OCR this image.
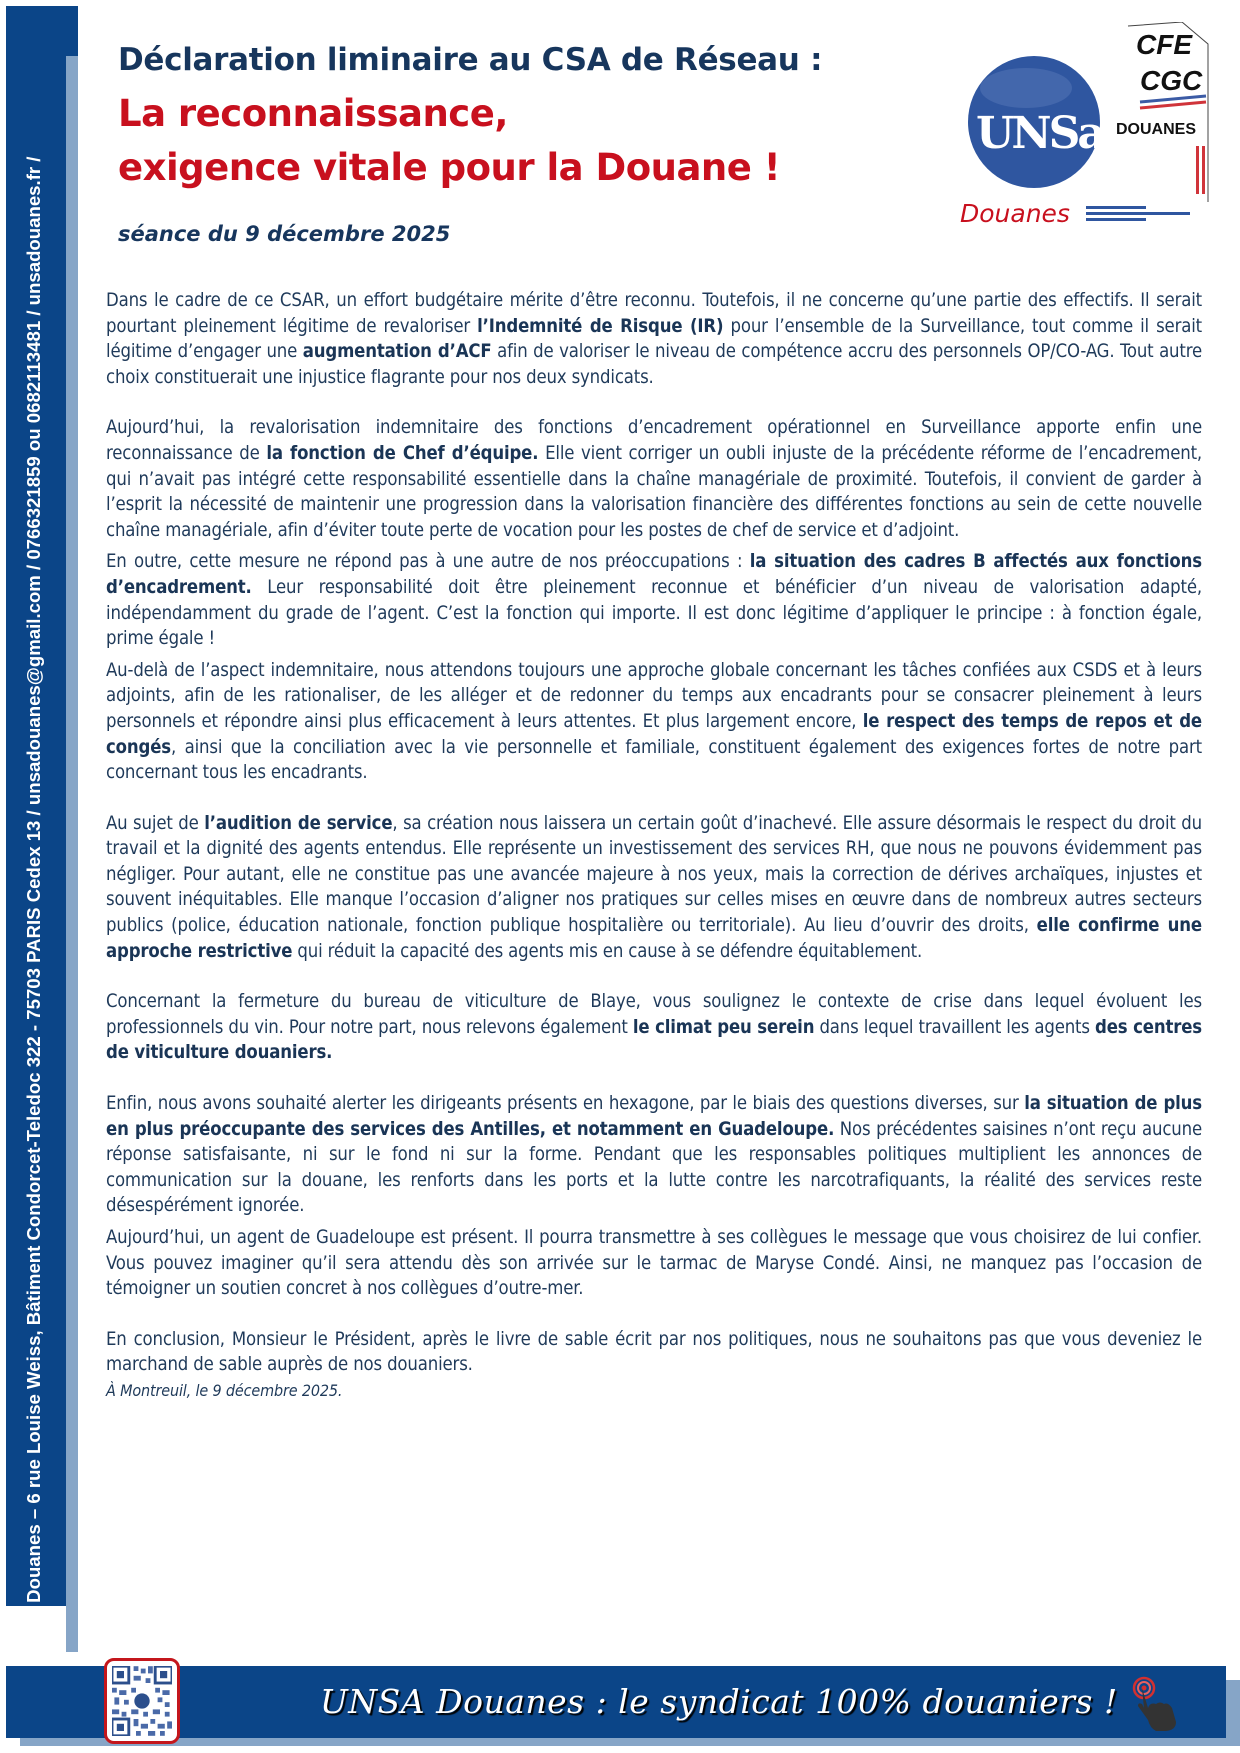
UNSA Douanes – 6 rue Louise Weiss, Bâtiment Condorcet-Teledoc 322 - 75703 PARIS Cedex 13 / unsadouanes@gmail.com / 0766321859 ou 0682113481 / unsadouanes.fr /
UNSA Douanes : le syndicat 100% douaniers !
Déclaration liminaire au CSA de Réseau :
La reconnaissance,
exigence vitale pour la Douane !
séance du 9 décembre 2025
CFE
CGC
UNSa DOUANES
Douanes

Dans le cadre de ce CSAR, un effort budgétaire mérite d’être reconnu. Toutefois, il ne concerne qu’une partie des effectifs. Il serait pourtant pleinement légitime de revaloriser l’Indemnité de Risque (IR) pour l’ensemble de la Surveillance, tout comme il serait légitime d’engager une augmentation d’ACF afin de valoriser le niveau de compétence accru des personnels OP/CO-AG. Tout autre choix constituerait une injustice flagrante pour nos deux syndicats.

Aujourd’hui, la revalorisation indemnitaire des fonctions d’encadrement opérationnel en Surveillance apporte enfin une reconnaissance de la fonction de Chef d’équipe. Elle vient corriger un oubli injuste de la précédente réforme de l’encadrement, qui n’avait pas intégré cette responsabilité essentielle dans la chaîne managériale de proximité. Toutefois, il convient de garder à l’esprit la nécessité de maintenir une progression dans la valorisation financière des différentes fonctions au sein de cette nouvelle chaîne managériale, afin d’éviter toute perte de vocation pour les postes de chef de service et d’adjoint.

En outre, cette mesure ne répond pas à une autre de nos préoccupations : la situation des cadres B affectés aux fonctions d’encadrement. Leur responsabilité doit être pleinement reconnue et bénéficier d’un niveau de valorisation adapté, indépendamment du grade de l’agent. C’est la fonction qui importe. Il est donc légitime d’appliquer le principe : à fonction égale, prime égale !

Au-delà de l’aspect indemnitaire, nous attendons toujours une approche globale concernant les tâches confiées aux CSDS et à leurs adjoints, afin de les rationaliser, de les alléger et de redonner du temps aux encadrants pour se consacrer pleinement à leurs personnels et répondre ainsi plus efficacement à leurs attentes. Et plus largement encore, le respect des temps de repos et de congés, ainsi que la conciliation avec la vie personnelle et familiale, constituent également des exigences fortes de notre part concernant tous les encadrants.

Au sujet de l’audition de service, sa création nous laissera un certain goût d’inachevé. Elle assure désormais le respect du droit du travail et la dignité des agents entendus. Elle représente un investissement des services RH, que nous ne pouvons évidemment pas négliger. Pour autant, elle ne constitue pas une avancée majeure à nos yeux, mais la correction de dérives archaïques, injustes et souvent inéquitables. Elle manque l’occasion d’aligner nos pratiques sur celles mises en œuvre dans de nombreux autres secteurs publics (police, éducation nationale, fonction publique hospitalière ou territoriale). Au lieu d’ouvrir des droits, elle confirme une approche restrictive qui réduit la capacité des agents mis en cause à se défendre équitablement.

Concernant la fermeture du bureau de viticulture de Blaye, vous soulignez le contexte de crise dans lequel évoluent les professionnels du vin. Pour notre part, nous relevons également le climat peu serein dans lequel travaillent les agents des centres de viticulture douaniers.

Enfin, nous avons souhaité alerter les dirigeants présents en hexagone, par le biais des questions diverses, sur la situation de plus en plus préoccupante des services des Antilles, et notamment en Guadeloupe. Nos précédentes saisines n’ont reçu aucune réponse satisfaisante, ni sur le fond ni sur la forme. Pendant que les responsables politiques multiplient les annonces de communication sur la douane, les renforts dans les ports et la lutte contre les narcotrafiquants, la réalité des services reste désespérément ignorée.

Aujourd’hui, un agent de Guadeloupe est présent. Il pourra transmettre à ses collègues le message que vous choisirez de lui confier. Vous pouvez imaginer qu’il sera attendu dès son arrivée sur le tarmac de Maryse Condé. Ainsi, ne manquez pas l’occasion de témoigner un soutien concret à nos collègues d’outre-mer.

En conclusion, Monsieur le Président, après le livre de sable écrit par nos politiques, nous ne souhaitons pas que vous deveniez le marchand de sable auprès de nos douaniers.

À Montreuil, le 9 décembre 2025.
